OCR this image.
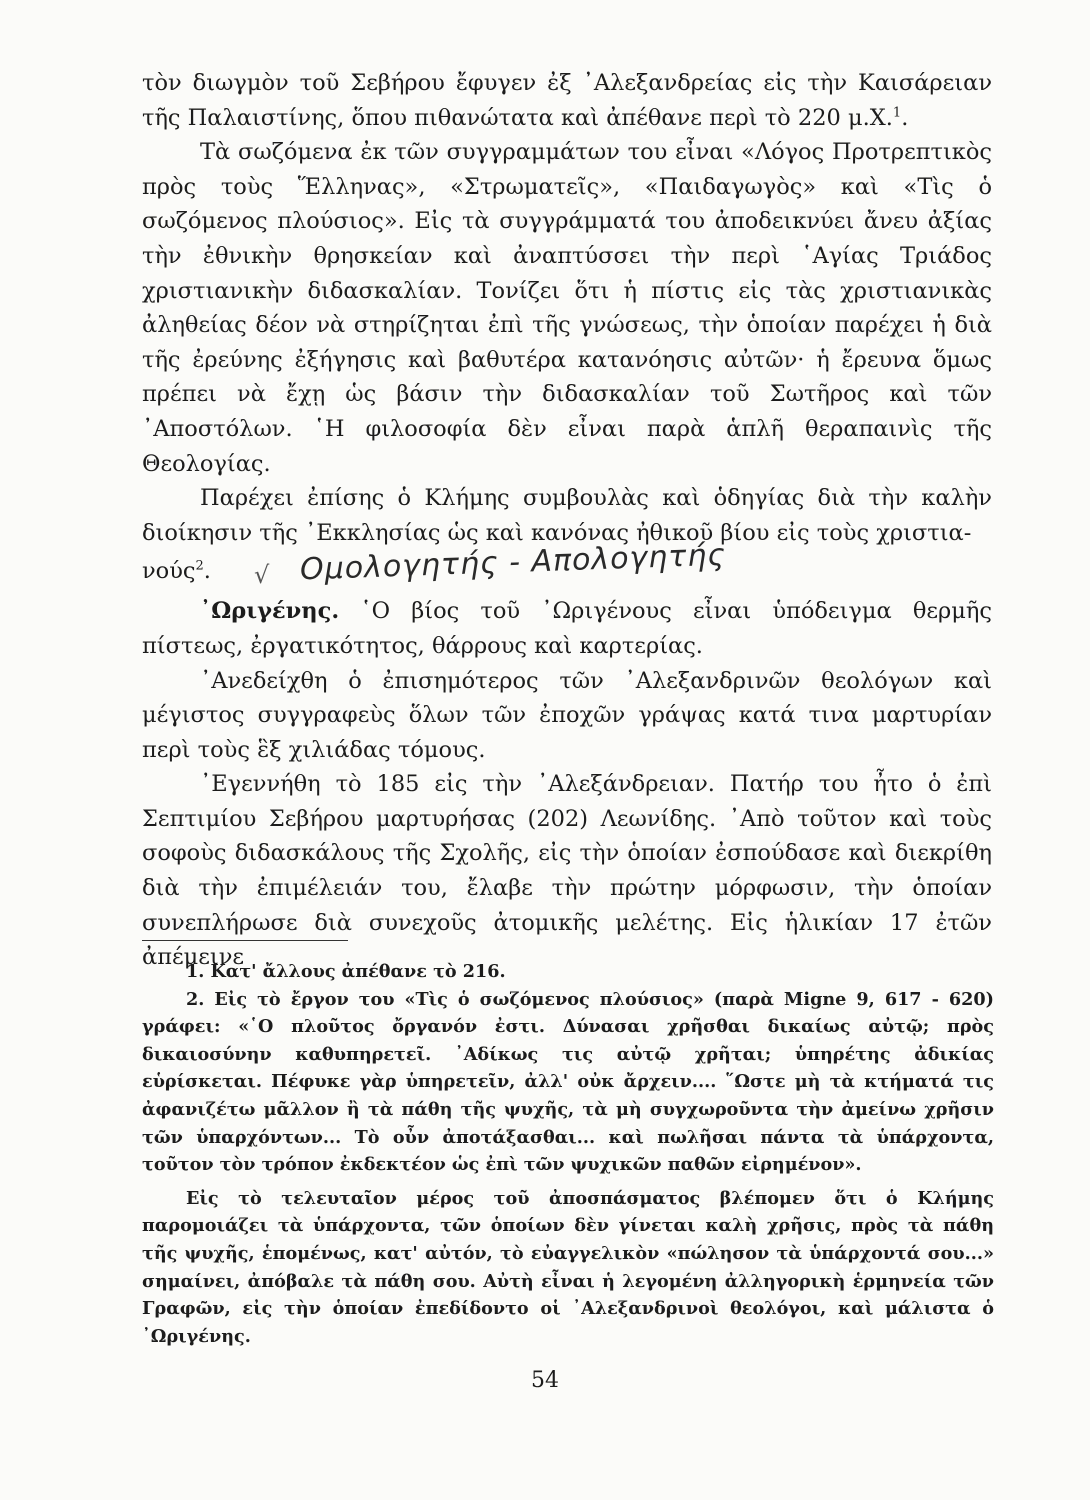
τὸν διωγμὸν τοῦ Σεβήρου ἔφυγεν ἐξ ᾿Αλεξανδρείας εἰς τὴν Καισάρειαν τῆς Παλαιστίνης, ὅπου πιθανώτατα καὶ ἀπέθανε περὶ τὸ 220 μ.Χ.$^1$.

Τὰ σωζόμενα ἐκ τῶν συγγραμμάτων του εἶναι «Λόγος Προτρεπτικὸς πρὸς τοὺς Ἕλληνας», «Στρωματεῖς», «Παιδαγωγὸς» καὶ «Τὶς ὁ σωζόμενος πλούσιος». Εἰς τὰ συγγράμματά του ἀποδεικνύει ἄνευ ἀξίας τὴν ἐθνικὴν θρησκείαν καὶ ἀναπτύσσει τὴν περὶ ῾Αγίας Τριάδος χριστιανικὴν διδασκαλίαν. Τονίζει ὅτι ἡ πίστις εἰς τὰς χριστιανικὰς ἀληθείας δέον νὰ στηρίζηται ἐπὶ τῆς γνώσεως, τὴν ὁποίαν παρέχει ἡ διὰ τῆς ἐρεύνης ἐξήγησις καὶ βαθυτέρα κατανόησις αὐτῶν· ἡ ἔρευνα ὅμως πρέπει νὰ ἔχῃ ὡς βάσιν τὴν διδασκαλίαν τοῦ Σωτῆρος καὶ τῶν ᾿Αποστόλων. ῾Η φιλοσοφία δὲν εἶναι παρὰ ἁπλῆ θεραπαινὶς τῆς Θεολογίας.

Παρέχει ἐπίσης ὁ Κλήμης συμβουλὰς καὶ ὁδηγίας διὰ τὴν καλὴν διοίκησιν τῆς ᾿Εκκλησίας ὡς καὶ κανόνας ἠθικοῦ βίου εἰς τοὺς χριστια-

νούς$^2$. √ Ομολογητής - Απολογητής

᾿Ωριγένης. ῾Ο βίος τοῦ ᾿Ωριγένους εἶναι ὑπόδειγμα θερμῆς πίστεως, ἐργατικότητος, θάρρους καὶ καρτερίας.

᾿Ανεδείχθη ὁ ἐπισημότερος τῶν ᾿Αλεξανδρινῶν θεολόγων καὶ μέγιστος συγγραφεὺς ὅλων τῶν ἐποχῶν γράψας κατά τινα μαρτυρίαν περὶ τοὺς ἓξ χιλιάδας τόμους.

᾿Εγεννήθη τὸ 185 εἰς τὴν ᾿Αλεξάνδρειαν. Πατήρ του ἦτο ὁ ἐπὶ Σεπτιμίου Σεβήρου μαρτυρήσας (202) Λεωνίδης. ᾿Απὸ τοῦτον καὶ τοὺς σοφοὺς διδασκάλους τῆς Σχολῆς, εἰς τὴν ὁποίαν ἐσπούδασε καὶ διεκρίθη διὰ τὴν ἐπιμέλειάν του, ἔλαβε τὴν πρώτην μόρφωσιν, τὴν ὁποίαν συνεπλήρωσε διὰ συνεχοῦς ἀτομικῆς μελέτης. Εἰς ἡλικίαν 17 ἐτῶν ἀπέμεινε

1. Κατ' ἄλλους ἀπέθανε τὸ 216.

2. Εἰς τὸ ἔργον του «Τὶς ὁ σωζόμενος πλούσιος» (παρὰ Migne 9, 617 - 620) γράφει: «῾Ο πλοῦτος ὄργανόν ἐστι. Δύνασαι χρῆσθαι δικαίως αὐτῷ; πρὸς δικαιοσύνην καθυπηρετεῖ. ᾿Αδίκως τις αὐτῷ χρῆται; ὑπηρέτης ἀδικίας εὑρίσκεται. Πέφυκε γὰρ ὑπηρετεῖν, ἀλλ' οὐκ ἄρχειν.... ῞Ωστε μὴ τὰ κτήματά τις ἀφανιζέτω μᾶλλον ἢ τὰ πάθη τῆς ψυχῆς, τὰ μὴ συγχωροῦντα τὴν ἀμείνω χρῆσιν τῶν ὑπαρχόντων... Τὸ οὖν ἀποτάξασθαι... καὶ πωλῆσαι πάντα τὰ ὑπάρχοντα, τοῦτον τὸν τρόπον ἐκδεκτέον ὡς ἐπὶ τῶν ψυχικῶν παθῶν εἰρημένον».

Εἰς τὸ τελευταῖον μέρος τοῦ ἀποσπάσματος βλέπομεν ὅτι ὁ Κλήμης παρομοιάζει τὰ ὑπάρχοντα, τῶν ὁποίων δὲν γίνεται καλὴ χρῆσις, πρὸς τὰ πάθη τῆς ψυχῆς, ἑπομένως, κατ' αὐτόν, τὸ εὐαγγελικὸν «πώλησον τὰ ὑπάρχοντά σου...» σημαίνει, ἀπόβαλε τὰ πάθη σου. Αὐτὴ εἶναι ἡ λεγομένη ἀλληγορικὴ ἑρμηνεία τῶν Γραφῶν, εἰς τὴν ὁποίαν ἐπεδίδοντο οἱ ᾿Αλεξανδρινοὶ θεολόγοι, καὶ μάλιστα ὁ ᾿Ωριγένης.

54
